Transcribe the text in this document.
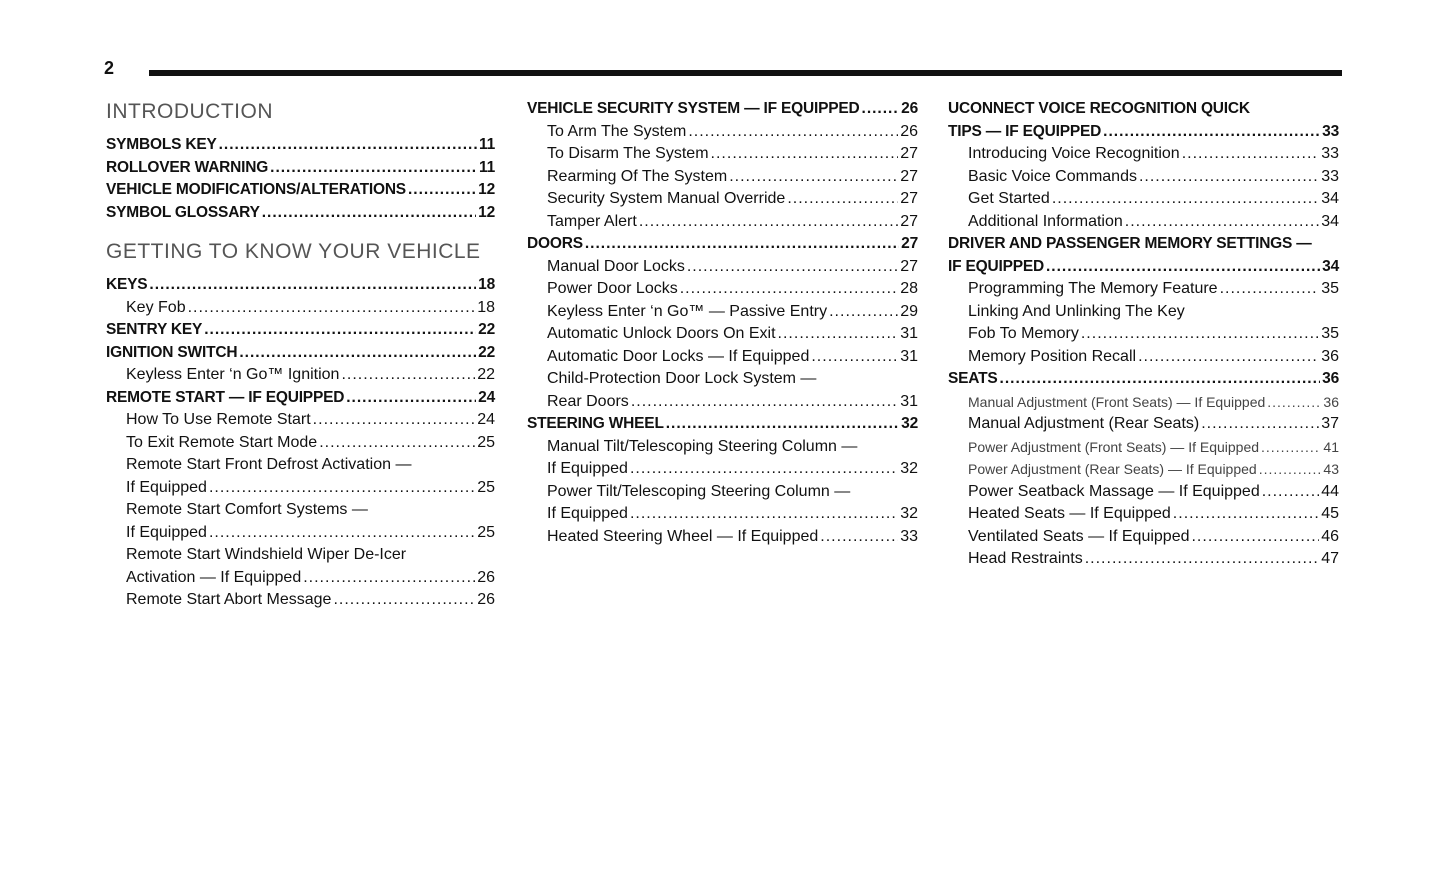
2
INTRODUCTION
SYMBOLS KEY .....	11
ROLLOVER WARNING .....	11
VEHICLE MODIFICATIONS/ALTERATIONS .....	12
SYMBOL GLOSSARY .....	12
GETTING TO KNOW YOUR VEHICLE
KEYS .....	18
Key Fob .....	18
SENTRY KEY .....	22
IGNITION SWITCH .....	22
Keyless Enter ‘n Go™ Ignition .....	22
REMOTE START — IF EQUIPPED .....	24
How To Use Remote Start .....	24
To Exit Remote Start Mode .....	25
Remote Start Front Defrost Activation —
If Equipped .....	25
Remote Start Comfort Systems —
If Equipped .....	25
Remote Start Windshield Wiper De-Icer
Activation — If Equipped .....	26
Remote Start Abort Message .....	26
VEHICLE SECURITY SYSTEM — IF EQUIPPED .....	26
To Arm The System .....	26
To Disarm The System .....	27
Rearming Of The System .....	27
Security System Manual Override .....	27
Tamper Alert .....	27
DOORS .....	27
Manual Door Locks .....	27
Power Door Locks .....	28
Keyless Enter ‘n Go™ — Passive Entry .....	29
Automatic Unlock Doors On Exit .....	31
Automatic Door Locks — If Equipped .....	31
Child-Protection Door Lock System —
Rear Doors .....	31
STEERING WHEEL .....	32
Manual Tilt/Telescoping Steering Column —
If Equipped .....	32
Power Tilt/Telescoping Steering Column —
If Equipped .....	32
Heated Steering Wheel — If Equipped .....	33
UCONNECT VOICE RECOGNITION QUICK
TIPS — IF EQUIPPED .....	33
Introducing Voice Recognition .....	33
Basic Voice Commands .....	33
Get Started .....	34
Additional Information .....	34
DRIVER AND PASSENGER MEMORY SETTINGS —
IF EQUIPPED .....	34
Programming The Memory Feature .....	35
Linking And Unlinking The Key
Fob To Memory .....	35
Memory Position Recall .....	36
SEATS .....	36
Manual Adjustment (Front Seats) — If Equipped .....	36
Manual Adjustment (Rear Seats) .....	37
Power Adjustment (Front Seats) — If Equipped .....	41
Power Adjustment (Rear Seats) — If Equipped .....	43
Power Seatback Massage — If Equipped .....	44
Heated Seats — If Equipped .....	45
Ventilated Seats — If Equipped .....	46
Head Restraints .....	47
